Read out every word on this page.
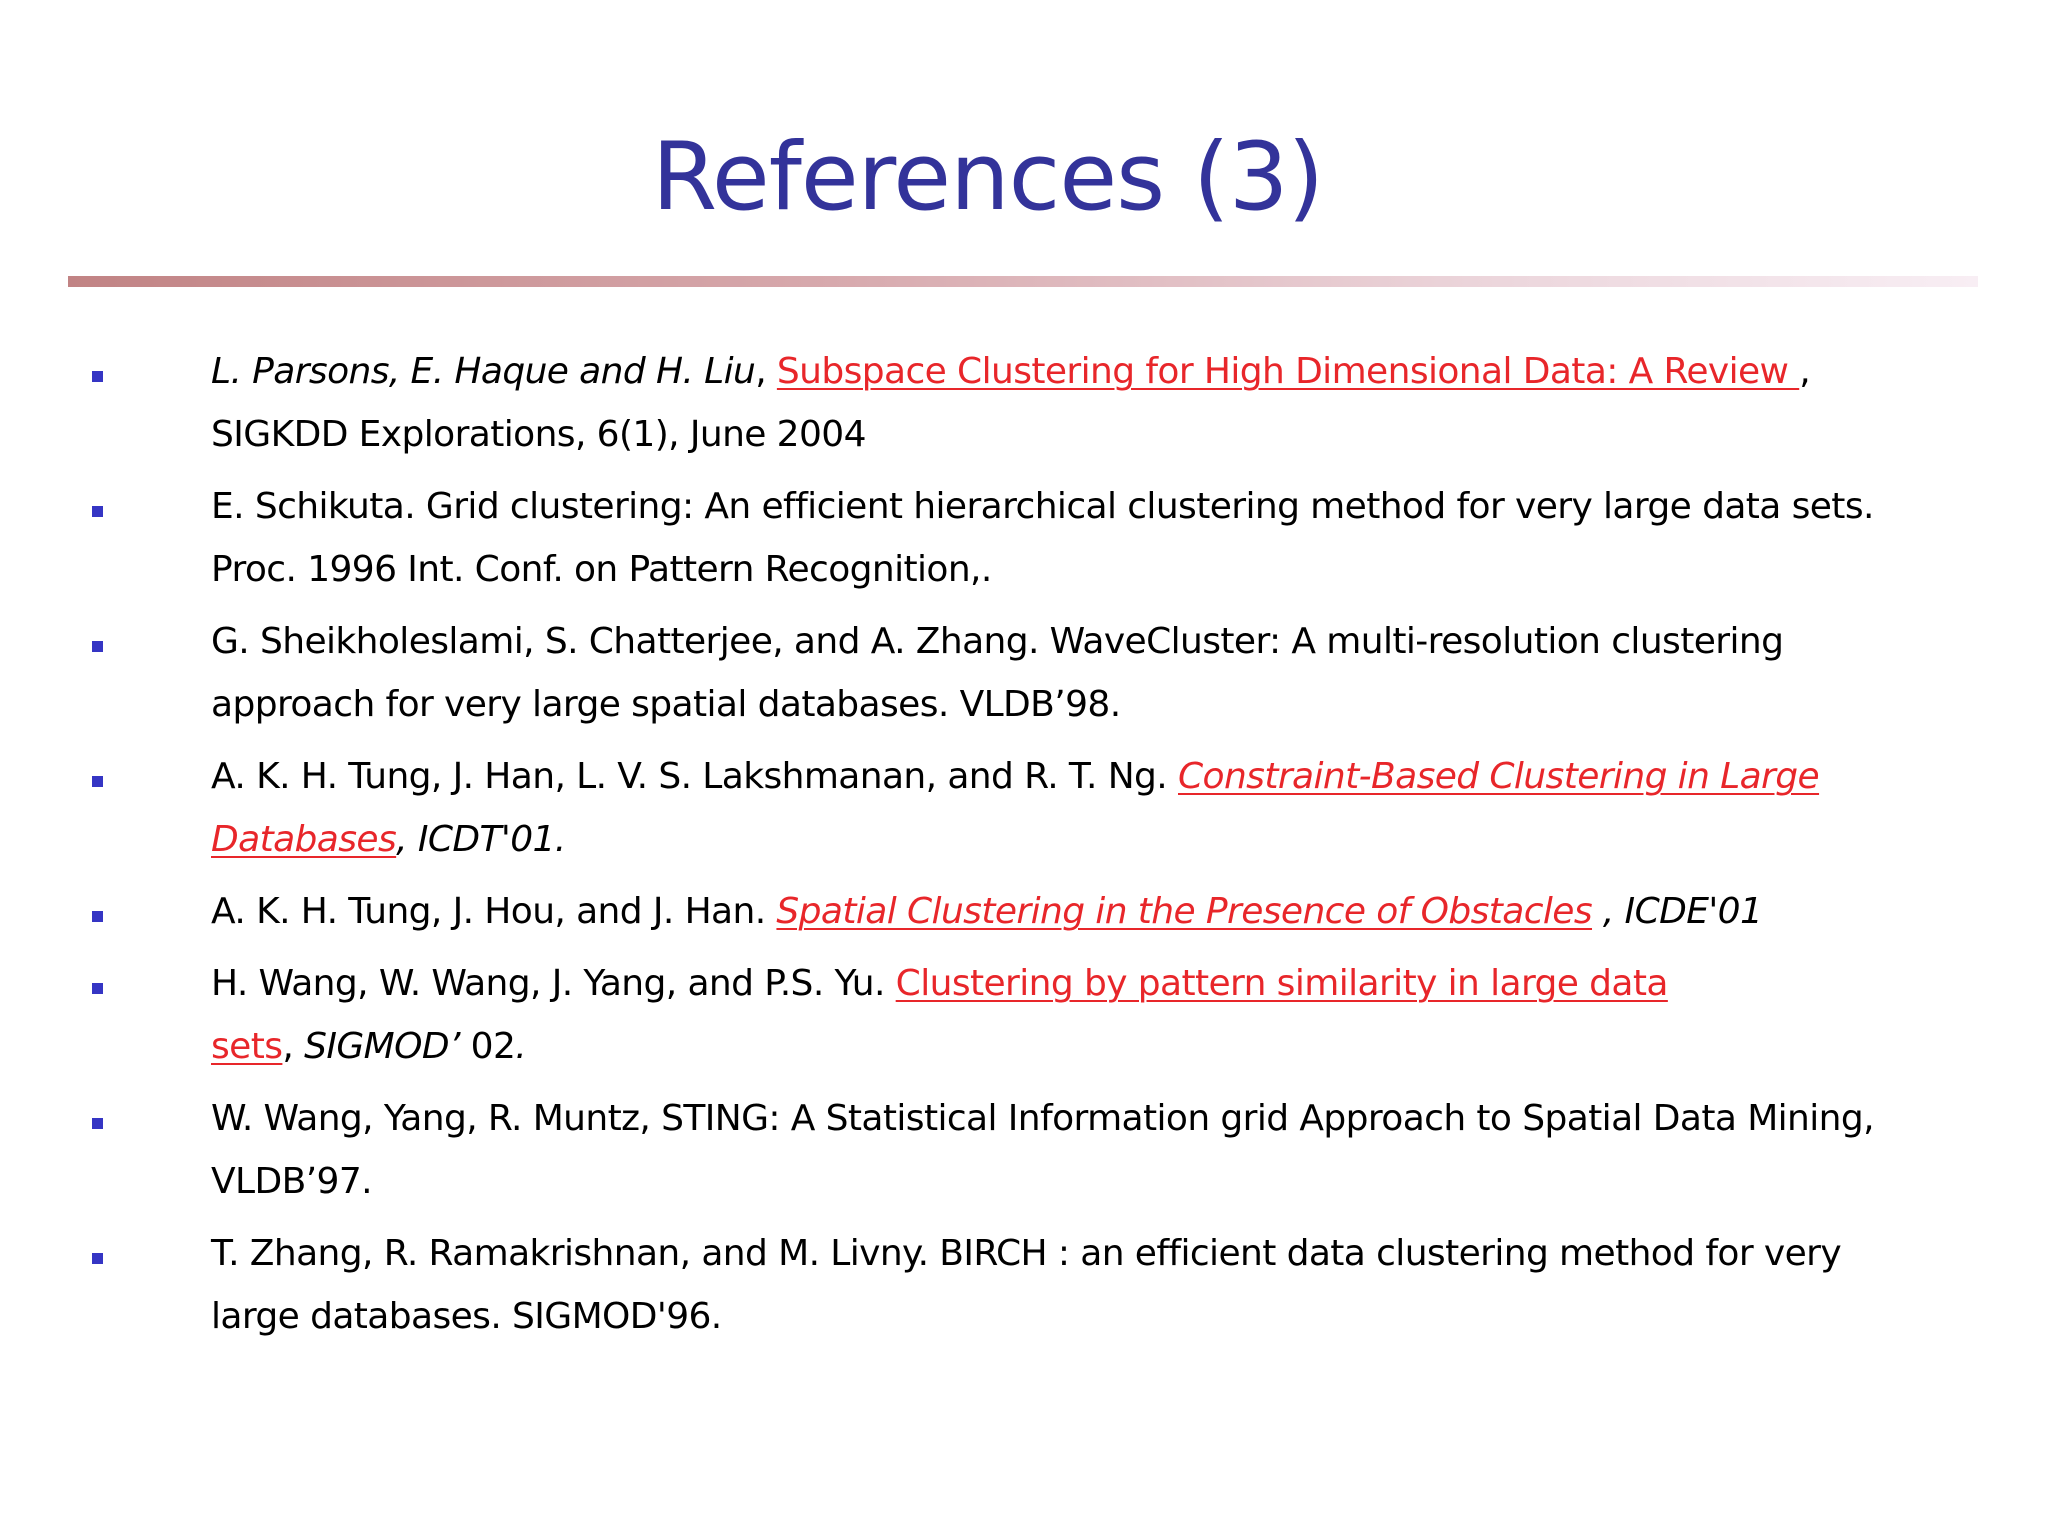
References (3)
L. Parsons, E. Haque and H. Liu, Subspace Clustering for High Dimensional Data: A Review ,
SIGKDD Explorations, 6(1), June 2004
E. Schikuta. Grid clustering: An efficient hierarchical clustering method for very large data sets.
Proc. 1996 Int. Conf. on Pattern Recognition,.
G. Sheikholeslami, S. Chatterjee, and A. Zhang. WaveCluster: A multi-resolution clustering
approach for very large spatial databases. VLDB’98.
A. K. H. Tung, J. Han, L. V. S. Lakshmanan, and R. T. Ng. Constraint-Based Clustering in Large
Databases, ICDT'01.
A. K. H. Tung, J. Hou, and J. Han. Spatial Clustering in the Presence of Obstacles , ICDE'01
H. Wang, W. Wang, J. Yang, and P.S. Yu. Clustering by pattern similarity in large data
sets, SIGMOD’ 02.
W. Wang, Yang, R. Muntz, STING: A Statistical Information grid Approach to Spatial Data Mining,
VLDB’97.
T. Zhang, R. Ramakrishnan, and M. Livny. BIRCH : an efficient data clustering method for very
large databases. SIGMOD'96.
